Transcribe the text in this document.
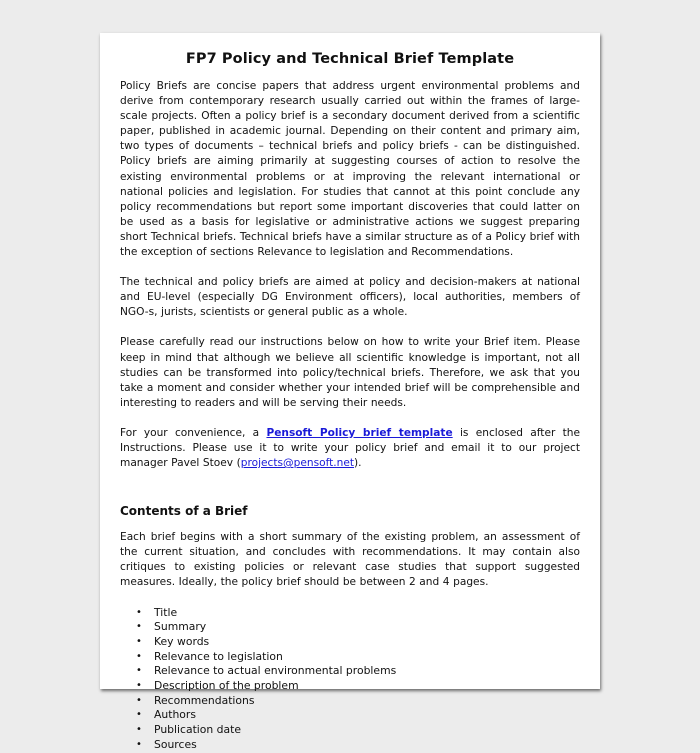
FP7 Policy and Technical Brief Template

Policy Briefs are concise papers that address urgent environmental problems and derive from contemporary research usually carried out within the frames of large-scale projects. Often a policy brief is a secondary document derived from a scientific paper, published in academic journal. Depending on their content and primary aim, two types of documents – technical briefs and policy briefs - can be distinguished. Policy briefs are aiming primarily at suggesting courses of action to resolve the existing environmental problems or at improving the relevant international or national policies and legislation. For studies that cannot at this point conclude any policy recommendations but report some important discoveries that could latter on be used as a basis for legislative or administrative actions we suggest preparing short Technical briefs. Technical briefs have a similar structure as of a Policy brief with the exception of sections Relevance to legislation and Recommendations.

The technical and policy briefs are aimed at policy and decision-makers at national and EU-level (especially DG Environment officers), local authorities, members of NGO-s, jurists, scientists or general public as a whole.

Please carefully read our instructions below on how to write your Brief item. Please keep in mind that although we believe all scientific knowledge is important, not all studies can be transformed into policy/technical briefs. Therefore, we ask that you take a moment and consider whether your intended brief will be comprehensible and interesting to readers and will be serving their needs.

For your convenience, a Pensoft Policy brief template is enclosed after the Instructions. Please use it to write your policy brief and email it to our project manager Pavel Stoev (projects@pensoft.net).

Contents of a Brief

Each brief begins with a short summary of the existing problem, an assessment of the current situation, and concludes with recommendations. It may contain also critiques to existing policies or relevant case studies that support suggested measures. Ideally, the policy brief should be between 2 and 4 pages.

• Title
• Summary
• Key words
• Relevance to legislation
• Relevance to actual environmental problems
• Description of the problem
• Recommendations
• Authors
• Publication date
• Sources
